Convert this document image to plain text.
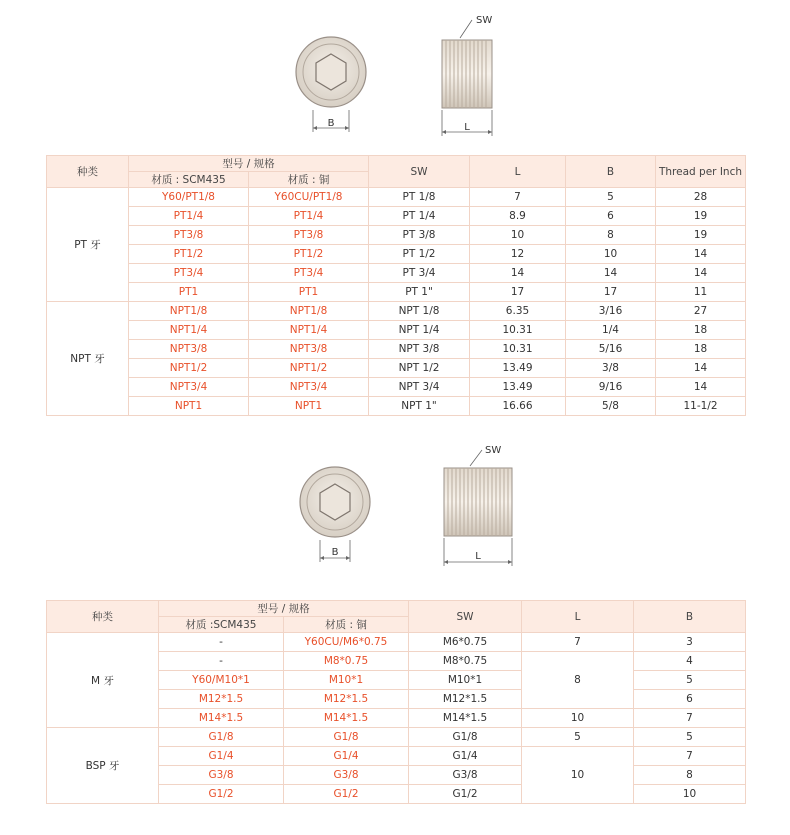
B
SW
L
种类	型号 / 规格		SW	L	B	Thread per Inch
	材质 : SCM435	材质 : 铜				
PT 牙	Y60/PT1/8	Y60CU/PT1/8	PT 1/8	7	5	28
	PT1/4	PT1/4	PT 1/4	8.9	6	19
	PT3/8	PT3/8	PT 3/8	10	8	19
	PT1/2	PT1/2	PT 1/2	12	10	14
	PT3/4	PT3/4	PT 3/4	14	14	14
	PT1	PT1	PT 1"	17	17	11
NPT 牙	NPT1/8	NPT1/8	NPT 1/8	6.35	3/16	27
	NPT1/4	NPT1/4	NPT 1/4	10.31	1/4	18
	NPT3/8	NPT3/8	NPT 3/8	10.31	5/16	18
	NPT1/2	NPT1/2	NPT 1/2	13.49	3/8	14
	NPT3/4	NPT3/4	NPT 3/4	13.49	9/16	14
	NPT1	NPT1	NPT 1"	16.66	5/8	11-1/2
B
SW
L
种类	型号 / 规格		SW	L	B
	材质 :SCM435	材质 : 铜			
M 牙	-	Y60CU/M6*0.75	M6*0.75	7	3
	-	M8*0.75	M8*0.75	8	4
	Y60/M10*1	M10*1	M10*1		5
	M12*1.5	M12*1.5	M12*1.5		6
	M14*1.5	M14*1.5	M14*1.5	10	7
BSP 牙	G1/8	G1/8	G1/8	5	5
	G1/4	G1/4	G1/4	10	7
	G3/8	G3/8	G3/8		8
	G1/2	G1/2	G1/2		10
